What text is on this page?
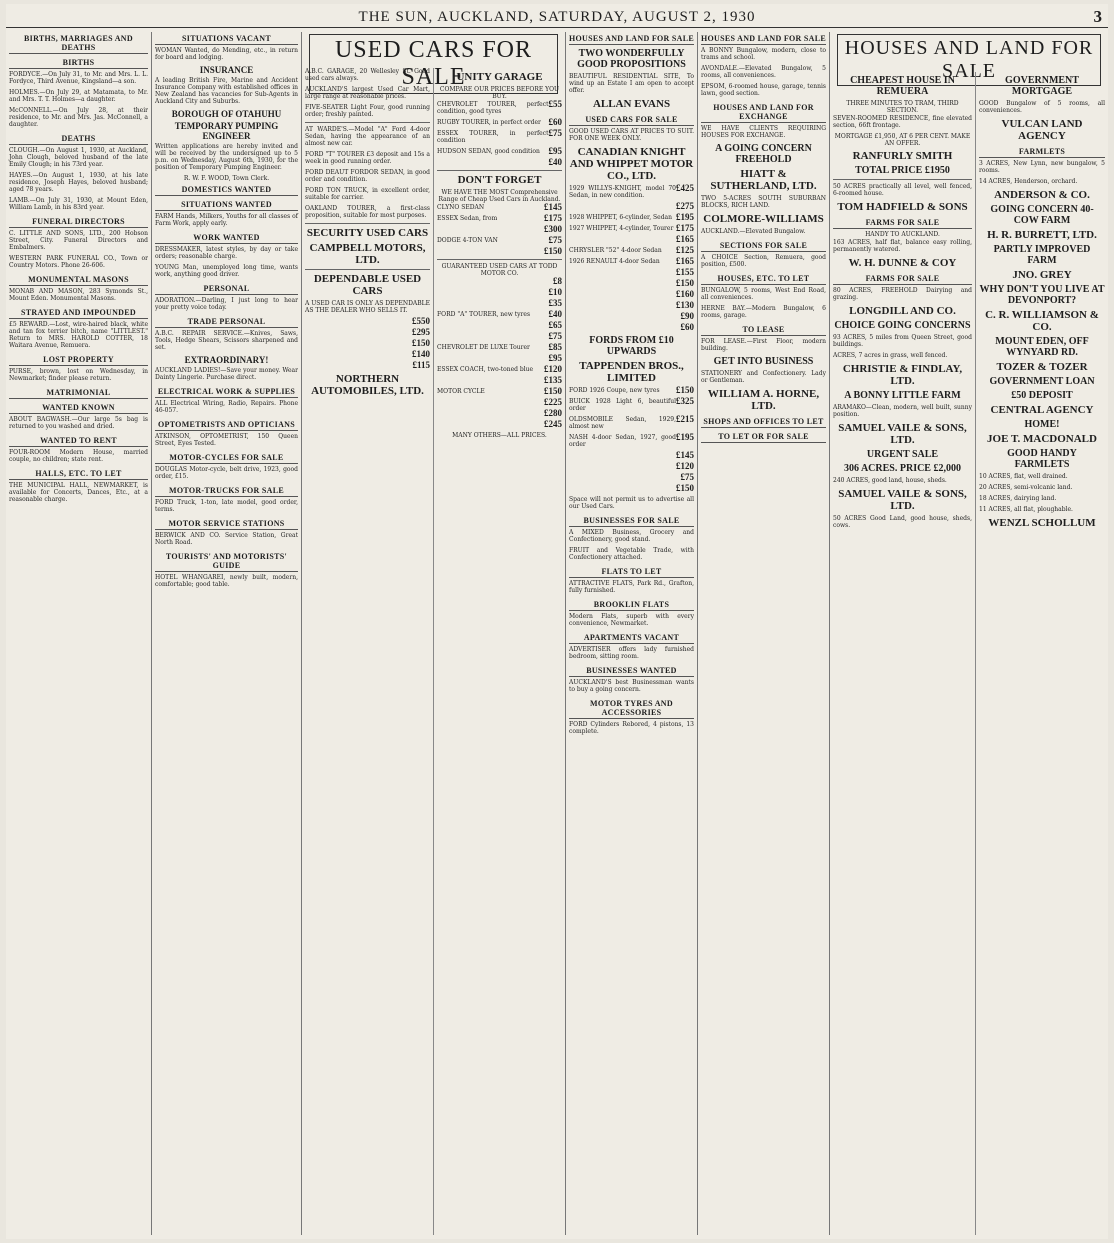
THE SUN, AUCKLAND, SATURDAY, AUGUST 2, 1930	3
BIRTHS, MARRIAGES AND DEATHS
BIRTHS
FORDYCE.—On July 31, to Mr. and Mrs. L. L. Fordyce, Third Avenue, Kingsland—a son.
HOLMES.—On July 29, at Matamata, to Mr. and Mrs. T. T. Holmes—a daughter.
McCONNELL.—On July 28, at their residence, to Mr. and Mrs. Jas. McConnell, a daughter.
DEATHS
CLOUGH.—On August 1, 1930, at Auckland, John Clough, beloved husband of the late Emily Clough; in his 73rd year.
HAYES.—On August 1, 1930, at his late residence, Joseph Hayes, beloved husband; aged 78 years.
LAMB.—On July 31, 1930, at Mount Eden, William Lamb, in his 83rd year.
FUNERAL DIRECTORS
C. LITTLE AND SONS, LTD., 200 Hobson Street, City. Funeral Directors and Embalmers.
WESTERN PARK FUNERAL CO., Town or Country Motors. Phone 26-606.
MONUMENTAL MASONS
MONAB AND MASON, 283 Symonds St., Mount Eden. Monumental Masons.
STRAYED AND IMPOUNDED
£5 REWARD.—Lost, wire-haired black, white and tan fox terrier bitch, name "LITTLEST." Return to MRS. HAROLD COTTER, 18 Waitara Avenue, Remuera.
LOST PROPERTY
PURSE, brown, lost on Wednesday, in Newmarket; finder please return.
MATRIMONIAL
WANTED KNOWN
ABOUT BAGWASH.—Our large 5s bag is returned to you washed and dried.
WANTED TO RENT
FOUR-ROOM Modern House, married couple, no children; state rent.
HALLS, ETC. TO LET
THE MUNICIPAL HALL, NEWMARKET, is available for Concerts, Dances, Etc., at a reasonable charge.
SITUATIONS VACANT
WOMAN Wanted, do Mending, etc., in return for board and lodging.
INSURANCE
A leading British Fire, Marine and Accident Insurance Company with established offices in New Zealand has vacancies for Sub-Agents in Auckland City and Suburbs.
BOROUGH OF OTAHUHU
TEMPORARY PUMPING ENGINEER
Written applications are hereby invited and will be received by the undersigned up to 5 p.m. on Wednesday, August 6th, 1930, for the position of Temporary Pumping Engineer.
R. W. F. WOOD, Town Clerk.
DOMESTICS WANTED
SITUATIONS WANTED
FARM Hands, Milkers, Youths for all classes of Farm Work, apply early.
WORK WANTED
DRESSMAKER, latest styles, by day or take orders; reasonable charge.
YOUNG Man, unemployed long time, wants work, anything good driver.
PERSONAL
ADORATION.—Darling, I just long to hear your pretty voice today.
TRADE PERSONAL
A.B.C. REPAIR SERVICE.—Knives, Saws, Tools, Hedge Shears, Scissors sharpened and set.
EXTRAORDINARY!
AUCKLAND LADIES!—Save your money. Wear Dainty Lingerie. Purchase direct.
ELECTRICAL WORK & SUPPLIES
ALL Electrical Wiring, Radio, Repairs. Phone 46-057.
OPTOMETRISTS AND OPTICIANS
ATKINSON, OPTOMETRIST, 150 Queen Street, Eyes Tested.
MOTOR-CYCLES FOR SALE
DOUGLAS Motor-cycle, belt drive, 1923, good order, £15.
MOTOR-TRUCKS FOR SALE
FORD Truck, 1-ton, late model, good order, terms.
MOTOR SERVICE STATIONS
BERWICK AND CO. Service Station, Great North Road.
TOURISTS' AND MOTORISTS' GUIDE
HOTEL WHANGAREI, newly built, modern, comfortable; good table.
USED CARS FOR SALE
A.B.C. GARAGE, 20 Wellesley St. Good used cars always.
AUCKLAND'S largest Used Car Mart, large range at reasonable prices.
FIVE-SEATER Light Four, good running order; freshly painted.
AT WARDE'S.—Model "A" Ford 4-door Sedan, having the appearance of an almost new car.
FORD "T" TOURER £3 deposit and 15s a week in good running order.
FORD DEAUT FORDOR SEDAN, in good order and condition.
FORD TON TRUCK, in excellent order, suitable for carrier.
OAKLAND TOURER, a first-class proposition, suitable for most purposes.
SECURITY USED CARS
CAMPBELL MOTORS, LTD.
DEPENDABLE USED CARS
A USED CAR IS ONLY AS DEPENDABLE AS THE DEALER WHO SELLS IT.
£550

£295

£150

£140

£115

NORTHERN AUTOMOBILES, LTD.
UNITY GARAGE
COMPARE OUR PRICES BEFORE YOU BUY.
£55
CHEVROLET TOURER, perfect condition, good tyres
£60
RUGBY TOURER, in perfect order
£75
ESSEX TOURER, in perfect condition
£95
HUDSON SEDAN, good condition
£40

DON'T FORGET
WE HAVE THE MOST Comprehensive Range of Cheap Used Cars in Auckland.
£145
CLYNO SEDAN
£175
ESSEX Sedan, from
£300

£75
DODGE 4-TON VAN
£150

GUARANTEED USED CARS AT TODD MOTOR CO.
£8

£10

£35

£40
FORD "A" TOURER, new tyres
£65

£75

£85
CHEVROLET DE LUXE Tourer
£95

£120
ESSEX COACH, two-toned blue
£135

£150
MOTOR CYCLE
£225

£280

£245

MANY OTHERS—ALL PRICES.
HOUSES AND LAND FOR SALE
TWO WONDERFULLY GOOD PROPOSITIONS
BEAUTIFUL RESIDENTIAL SITE, To wind up an Estate I am open to accept offer.
ALLAN EVANS
USED CARS FOR SALE
GOOD USED CARS AT PRICES TO SUIT. FOR ONE WEEK ONLY.
CANADIAN KNIGHT AND WHIPPET MOTOR CO., LTD.
£425
1929 WILLYS-KNIGHT, model 70 Sedan, in new condition.
£275

£195
1928 WHIPPET, 6-cylinder, Sedan
£175
1927 WHIPPET, 4-cylinder, Tourer
£165

£125
CHRYSLER "52" 4-door Sedan
£165
1926 RENAULT 4-door Sedan
£155

£150

£160

£130

£90

£60

FORDS FROM £10 UPWARDS
TAPPENDEN BROS., LIMITED
£150
FORD 1926 Coupe, new tyres
£325
BUICK 1928 Light 6, beautiful order
£215
OLDSMOBILE Sedan, 1929, almost new
£195
NASH 4-door Sedan, 1927, good order
£145

£120

£75

£150

Space will not permit us to advertise all our Used Cars.
BUSINESSES FOR SALE
A MIXED Business, Grocery and Confectionery, good stand.
FRUIT and Vegetable Trade, with Confectionery attached.
FLATS TO LET
ATTRACTIVE FLATS, Park Rd., Grafton, fully furnished.
BROOKLIN FLATS
Modern Flats, superb with every convenience, Newmarket.
APARTMENTS VACANT
ADVERTISER offers lady furnished bedroom, sitting room.
BUSINESSES WANTED
AUCKLAND'S best Businessman wants to buy a going concern.
MOTOR TYRES AND ACCESSORIES
FORD Cylinders Rebored, 4 pistons, 13 complete.
HOUSES AND LAND FOR SALE
A BONNY Bungalow, modern, close to trams and school.
AVONDALE.—Elevated Bungalow, 5 rooms, all conveniences.
EPSOM, 6-roomed house, garage, tennis lawn, good section.
HOUSES AND LAND FOR EXCHANGE
WE HAVE CLIENTS REQUIRING HOUSES FOR EXCHANGE.
A GOING CONCERN FREEHOLD
HIATT & SUTHERLAND, LTD.
TWO 5-ACRES SOUTH SUBURBAN BLOCKS, RICH LAND.
COLMORE-WILLIAMS
AUCKLAND.—Elevated Bungalow.
SECTIONS FOR SALE
A CHOICE Section, Remuera, good position, £500.
HOUSES, ETC. TO LET
BUNGALOW, 5 rooms, West End Road, all conveniences.
HERNE BAY.—Modern Bungalow, 6 rooms, garage.
TO LEASE
FOR LEASE.—First Floor, modern building.
GET INTO BUSINESS
STATIONERY and Confectionery. Lady or Gentleman.
WILLIAM A. HORNE, LTD.
SHOPS AND OFFICES TO LET
TO LET OR FOR SALE
HOUSES AND LAND FOR SALE
CHEAPEST HOUSE IN REMUERA
THREE MINUTES TO TRAM, THIRD SECTION.
SEVEN-ROOMED RESIDENCE, fine elevated section, 66ft frontage.
MORTGAGE £1,950, AT 6 PER CENT. MAKE AN OFFER.
RANFURLY SMITH
TOTAL PRICE £1950
50 ACRES practically all level, well fenced, 6-roomed house.
TOM HADFIELD & SONS
FARMS FOR SALE
HANDY TO AUCKLAND.
163 ACRES, half flat, balance easy rolling, permanently watered.
W. H. DUNNE & COY
FARMS FOR SALE
80 ACRES, FREEHOLD Dairying and grazing.
LONGDILL AND CO.
CHOICE GOING CONCERNS
93 ACRES, 5 miles from Queen Street, good buildings.
ACRES, 7 acres in grass, well fenced.
CHRISTIE & FINDLAY, LTD.
A BONNY LITTLE FARM
ARAMAKO—Clean, modern, well built, sunny position.
SAMUEL VAILE & SONS, LTD.
URGENT SALE
306 ACRES. PRICE £2,000
240 ACRES, good land, house, sheds.
SAMUEL VAILE & SONS, LTD.
50 ACRES Good Land, good house, sheds, cows.
GOVERNMENT MORTGAGE
GOOD Bungalow of 5 rooms, all conveniences.
VULCAN LAND AGENCY
FARMLETS
3 ACRES, New Lynn, new bungalow, 5 rooms.
14 ACRES, Henderson, orchard.
ANDERSON & CO.
GOING CONCERN 40-COW FARM
H. R. BURRETT, LTD.
PARTLY IMPROVED FARM
JNO. GREY
WHY DON'T YOU LIVE AT DEVONPORT?
C. R. WILLIAMSON & CO.
MOUNT EDEN, OFF WYNYARD RD.
TOZER & TOZER
GOVERNMENT LOAN
£50 DEPOSIT
CENTRAL AGENCY
HOME!
JOE T. MACDONALD
GOOD HANDY FARMLETS
10 ACRES, flat, well drained.
20 ACRES, semi-volcanic land.
18 ACRES, dairying land.
11 ACRES, all flat, ploughable.
WENZL SCHOLLUM
